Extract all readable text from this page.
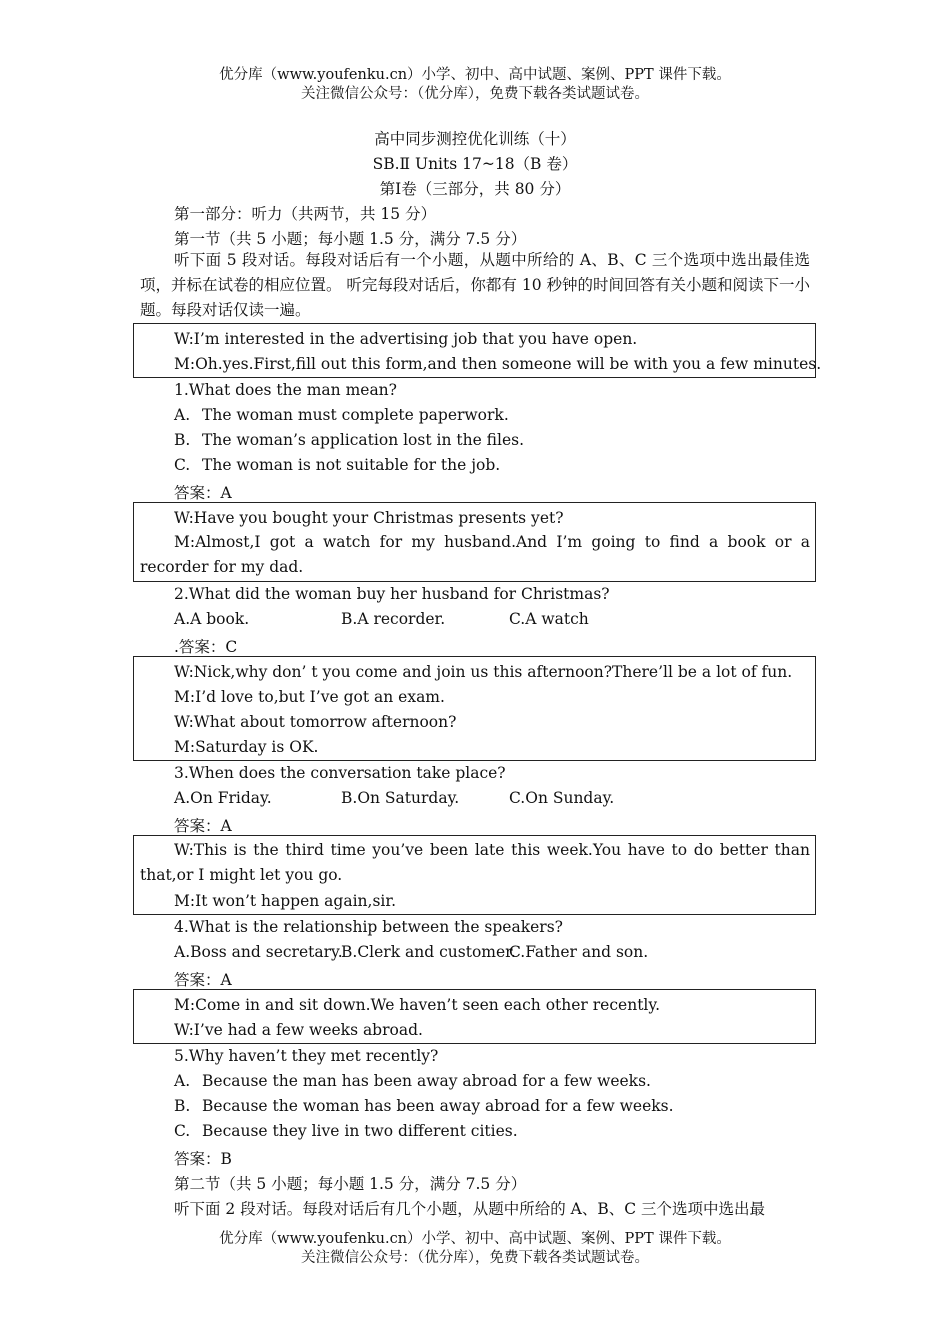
优分库（www.youfenku.cn）小学、初中、高中试题、案例、PPT 课件下载。
关注微信公众号：（优分库），免费下载各类试题试卷。
高中同步测控优化训练（十）
SB.Ⅱ Units 17~18（B 卷）
第Ⅰ卷（三部分，共 80 分）
第一部分：听力（共两节，共 15 分）
第一节（共 5 小题；每小题 1.5 分，满分 7.5 分）
听下面 5 段对话。每段对话后有一个小题，从题中所给的 A、B、C 三个选项中选出最佳选项，并标在试卷的相应位置。 听完每段对话后，你都有 10 秒钟的时间回答有关小题和阅读下一小题。每段对话仅读一遍。
W:I’m interested in the advertising job that you have open.
M:Oh.yes.First,fill out this form,and then someone will be with you a few minutes.
1.What does the man mean?
A. The woman must complete paperwork.
B. The woman’s application lost in the files.
C. The woman is not suitable for the job.
答案：A
W:Have you bought your Christmas presents yet?
M:Almost,I got a watch for my husband.And I’m going to find a book or a recorder for my dad.
2.What did the woman buy her husband for Christmas?
A.A book.	B.A recorder.	C.A watch
.答案：C
W:Nick,why don’ t you come and join us this afternoon?There’ll be a lot of fun.
M:I’d love to,but I’ve got an exam.
W:What about tomorrow afternoon?
M:Saturday is OK.
3.When does the conversation take place?
A.On Friday.	B.On Saturday.	C.On Sunday.
答案：A
W:This is the third time you’ve been late this week.You have to do better than that,or I might let you go.
M:It won’t happen again,sir.
4.What is the relationship between the speakers?
A.Boss and secretary.
B.Clerk and customer.
C.Father and son.
答案：A
M:Come in and sit down.We haven’t seen each other recently.
W:I’ve had a few weeks abroad.
5.Why haven’t they met recently?
A. Because the man has been away abroad for a few weeks.
B. Because the woman has been away abroad for a few weeks.
C. Because they live in two different cities.
答案：B
第二节（共 5 小题；每小题 1.5 分，满分 7.5 分）
听下面 2 段对话。每段对话后有几个小题，从题中所给的 A、B、C 三个选项中选出最
优分库（www.youfenku.cn）小学、初中、高中试题、案例、PPT 课件下载。
关注微信公众号：（优分库），免费下载各类试题试卷。
